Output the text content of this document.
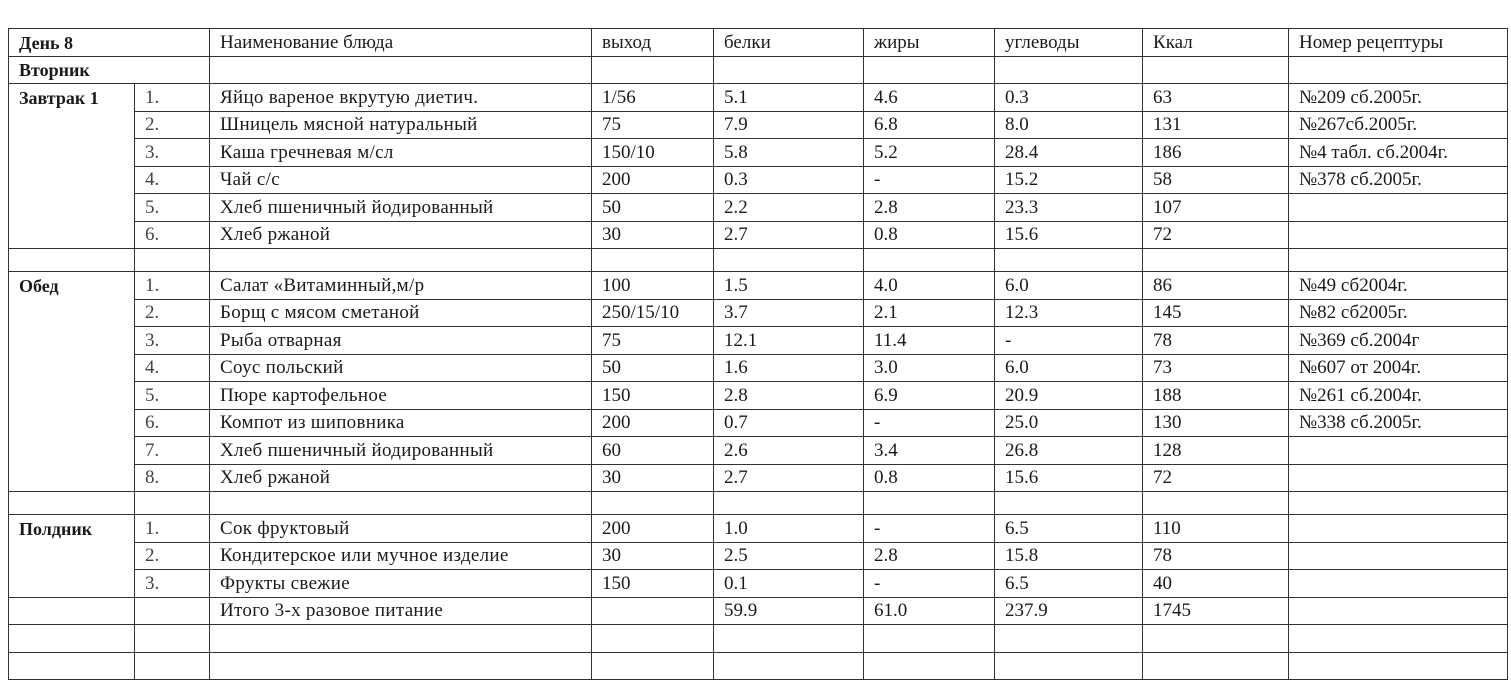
День 8		Наименование блюда	выход	белки	жиры	углеводы	Ккал	Номер рецептуры
Вторник								
Завтрак 1	1.	Яйцо вареное вкрутую диетич.	1/56	5.1	4.6	0.3	63	№209 сб.2005г.
	2.	Шницель мясной натуральный	75	7.9	6.8	8.0	131	№267сб.2005г.
	3.	Каша гречневая м/сл	150/10	5.8	5.2	28.4	186	№4 табл. сб.2004г.
	4.	Чай с/с	200	0.3	-	15.2	58	№378 сб.2005г.
	5.	Хлеб пшеничный йодированный	50	2.2	2.8	23.3	107	
	6.	Хлеб ржаной	30	2.7	0.8	15.6	72	

Обед	1.	Салат «Витаминный,м/р	100	1.5	4.0	6.0	86	№49 сб2004г.
	2.	Борщ с мясом сметаной	250/15/10	3.7	2.1	12.3	145	№82 сб2005г.
	3.	Рыба отварная	75	12.1	11.4	-	78	№369 сб.2004г
	4.	Соус польский	50	1.6	3.0	6.0	73	№607 от 2004г.
	5.	Пюре картофельное	150	2.8	6.9	20.9	188	№261 сб.2004г.
	6.	Компот из шиповника	200	0.7	-	25.0	130	№338 сб.2005г.
	7.	Хлеб пшеничный йодированный	60	2.6	3.4	26.8	128	
	8.	Хлеб ржаной	30	2.7	0.8	15.6	72	

Полдник	1.	Сок фруктовый	200	1.0	-	6.5	110	
	2.	Кондитерское или мучное изделие	30	2.5	2.8	15.8	78	
	3.	Фрукты свежие	150	0.1	-	6.5	40	
		Итого 3-х разовое питание		59.9	61.0	237.9	1745	
